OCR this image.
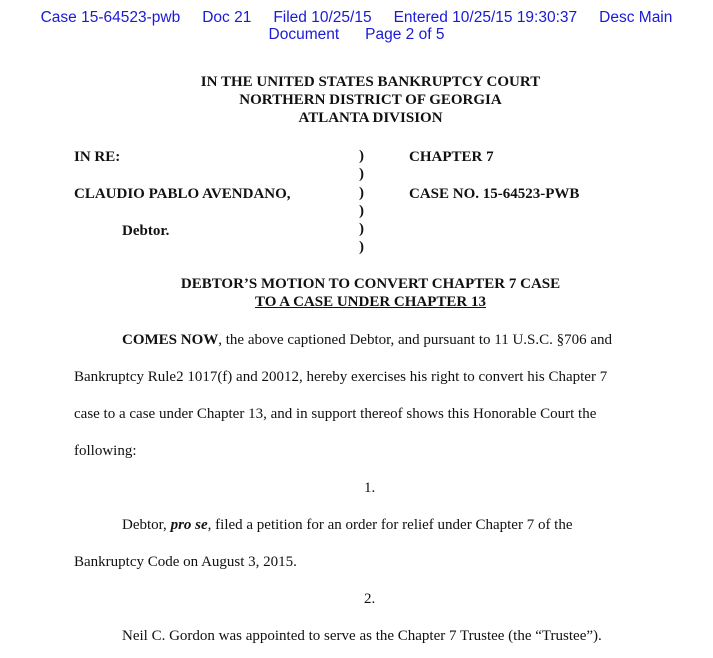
Case 15-64523-pwb Doc 21 Filed 10/25/15 Entered 10/25/15 19:30:37 Desc Main
Document Page 2 of 5
IN THE UNITED STATES BANKRUPTCY COURT
NORTHERN DISTRICT OF GEORGIA
ATLANTA DIVISION
IN RE:
CLAUDIO PABLO AVENDANO,
Debtor.
CHAPTER 7
CASE NO. 15-64523-PWB
)
)
)
)
)
)
DEBTOR’S MOTION TO CONVERT CHAPTER 7 CASE
TO A CASE UNDER CHAPTER 13
COMES NOW, the above captioned Debtor, and pursuant to 11 U.S.C. §706 and
Bankruptcy Rule2 1017(f) and 20012, hereby exercises his right to convert his Chapter 7
case to a case under Chapter 13, and in support thereof shows this Honorable Court the
following:
1.
Debtor, pro se, filed a petition for an order for relief under Chapter 7 of the
Bankruptcy Code on August 3, 2015.
2.
Neil C. Gordon was appointed to serve as the Chapter 7 Trustee (the “Trustee”).
